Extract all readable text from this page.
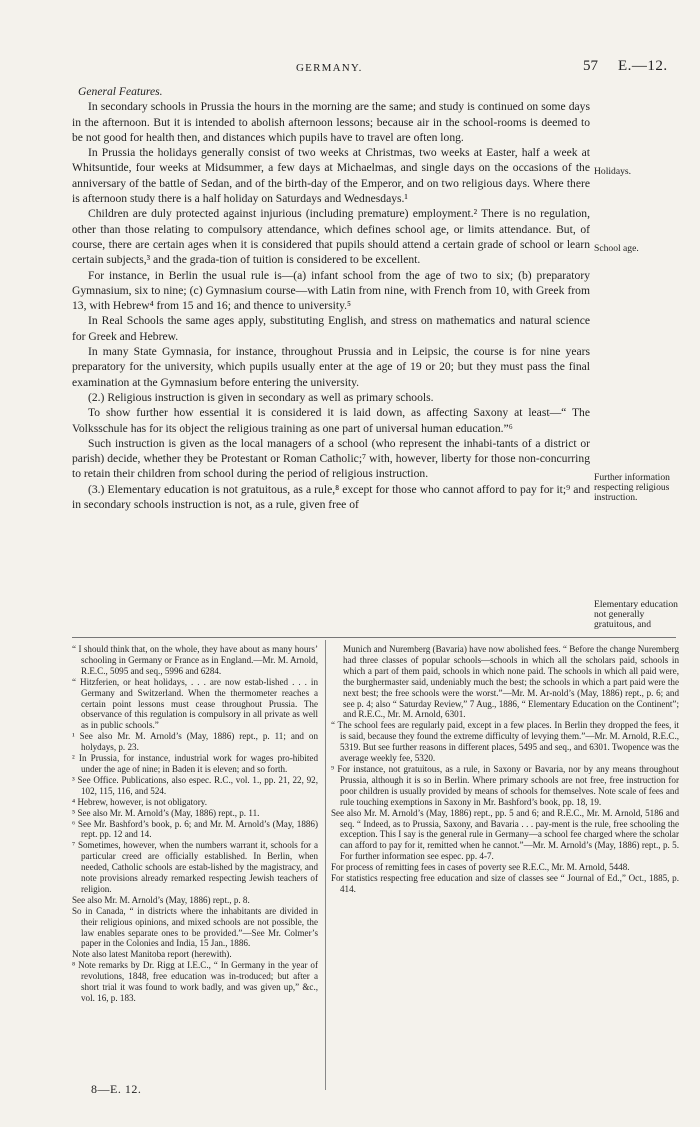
GERMANY.	57 E.—12.

General Features.

In secondary schools in Prussia the hours in the morning are the same; and study is continued on some days in the afternoon. But it is intended to abolish afternoon lessons; because air in the school-rooms is deemed to be not good for health then, and distances which pupils have to travel are often long.

In Prussia the holidays generally consist of two weeks at Christmas, two weeks at Easter, half a week at Whitsuntide, four weeks at Midsummer, a few days at Michaelmas, and single days on the occasions of the anniversary of the battle of Sedan, and of the birth-day of the Emperor, and on two religious days. Where there is afternoon study there is a half holiday on Saturdays and Wednesdays.¹

Children are duly protected against injurious (including premature) employment.² There is no regulation, other than those relating to compulsory attendance, which defines school age, or limits attendance. But, of course, there are certain ages when it is considered that pupils should attend a certain grade of school or learn certain subjects,³ and the grada-tion of tuition is considered to be excellent.

For instance, in Berlin the usual rule is—(a) infant school from the age of two to six; (b) preparatory Gymnasium, six to nine; (c) Gymnasium course—with Latin from nine, with French from 10, with Greek from 13, with Hebrew⁴ from 15 and 16; and thence to university.⁵

In Real Schools the same ages apply, substituting English, and stress on mathematics and natural science for Greek and Hebrew.

In many State Gymnasia, for instance, throughout Prussia and in Leipsic, the course is for nine years preparatory for the university, which pupils usually enter at the age of 19 or 20; but they must pass the final examination at the Gymnasium before entering the university.

(2.) Religious instruction is given in secondary as well as primary schools.

To show further how essential it is considered it is laid down, as affecting Saxony at least—“ The Volksschule has for its object the religious training as one part of universal human education.”⁶

Such instruction is given as the local managers of a school (who represent the inhabi-tants of a district or parish) decide, whether they be Protestant or Roman Catholic;⁷ with, however, liberty for those non-concurring to retain their children from school during the period of religious instruction.

(3.) Elementary education is not gratuitous, as a rule,⁸ except for those who cannot afford to pay for it;⁹ and in secondary schools instruction is not, as a rule, given free of

Holidays.
School age.
Further information respecting religious instruction.
Elementary education not generally gratuitous, and

“ I should think that, on the whole, they have about as many hours’ schooling in Germany or France as in England.—Mr. M. Arnold, R.E.C., 5095 and seq., 5996 and 6284.

“ Hitzferien, or heat holidays, . . . are now estab-lished . . . in Germany and Switzerland. When the thermometer reaches a certain point lessons must cease throughout Prussia. The observance of this regulation is compulsory in all private as well as in public schools.”

¹ See also Mr. M. Arnold’s (May, 1886) rept., p. 11; and on holydays, p. 23.

² In Prussia, for instance, industrial work for wages pro-hibited under the age of nine; in Baden it is eleven; and so forth.

³ See Office. Publications, also espec. R.C., vol. 1., pp. 21, 22, 92, 102, 115, 116, and 524.

⁴ Hebrew, however, is not obligatory.

⁵ See also Mr. M. Arnold’s (May, 1886) rept., p. 11.

⁶ See Mr. Bashford’s book, p. 6; and Mr. M. Arnold’s (May, 1886) rept. pp. 12 and 14.

⁷ Sometimes, however, when the numbers warrant it, schools for a particular creed are officially established. In Berlin, when needed, Catholic schools are estab-lished by the magistracy, and note provisions already remarked respecting Jewish teachers of religion.

See also Mr. M. Arnold’s (May, 1886) rept., p. 8.

So in Canada, “ in districts where the inhabitants are divided in their religious opinions, and mixed schools are not possible, the law enables separate ones to be provided.”—See Mr. Colmer’s paper in the Colonies and India, 15 Jan., 1886.

Note also latest Manitoba report (herewith).

⁸ Note remarks by Dr. Rigg at I.E.C., “ In Germany in the year of revolutions, 1848, free education was in-troduced; but after a short trial it was found to work badly, and was given up,” &c., vol. 16, p. 183.

Munich and Nuremberg (Bavaria) have now abolished fees. “ Before the change Nuremberg had three classes of popular schools—schools in which all the scholars paid, schools in which a part of them paid, schools in which none paid. The schools in which all paid were, the burghermaster said, undeniably much the best; the schools in which a part paid were the next best; the free schools were the worst.”—Mr. M. Ar-nold’s (May, 1886) rept., p. 6; and see p. 4; also “ Saturday Review,” 7 Aug., 1886, “ Elementary Education on the Continent”; and R.E.C., Mr. M. Arnold, 6301.

“ The school fees are regularly paid, except in a few places. In Berlin they dropped the fees, it is said, because they found the extreme difficulty of levying them.”—Mr. M. Arnold, R.E.C., 5319. But see further reasons in different places, 5495 and seq., and 6301. Twopence was the average weekly fee, 5320.

⁹ For instance, not gratuitous, as a rule, in Saxony or Bavaria, nor by any means throughout Prussia, although it is so in Berlin. Where primary schools are not free, free instruction for poor children is usually provided by means of schools for themselves. Note scale of fees and rule touching exemptions in Saxony in Mr. Bashford’s book, pp. 18, 19.

See also Mr. M. Arnold’s (May, 1886) rept., pp. 5 and 6; and R.E.C., Mr. M. Arnold, 5186 and seq. “ Indeed, as to Prussia, Saxony, and Bavaria . . . pay-ment is the rule, free schooling the exception. This I say is the general rule in Germany—a school fee charged where the scholar can afford to pay for it, remitted when he cannot.”—Mr. M. Arnold’s (May, 1886) rept., p. 5. For further information see espec. pp. 4-7.

For process of remitting fees in cases of poverty see R.E.C., Mr. M. Arnold, 5448.

For statistics respecting free education and size of classes see “ Journal of Ed.,” Oct., 1885, p. 414.

8—E. 12.
